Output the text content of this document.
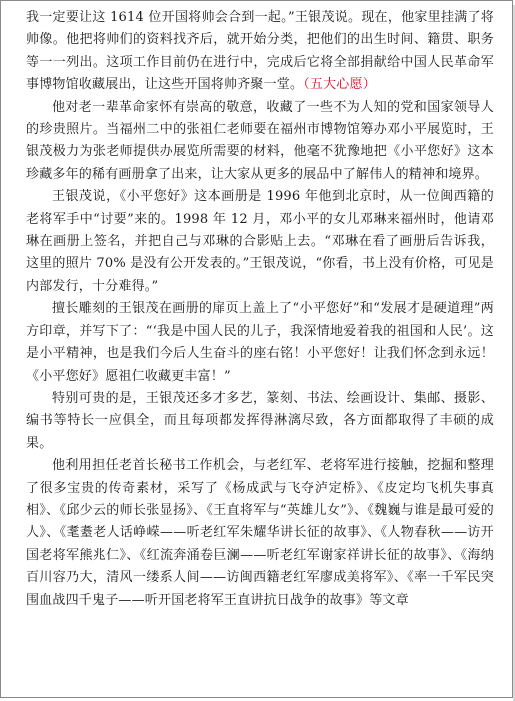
我一定要让这 1614 位开国将帅会合到一起。”王银茂说。现在，他家里挂满了将帅像。他把将帅们的资料找齐后，就开始分类，把他们的出生时间、籍贯、职务等一一列出。这项工作目前仍在进行中，完成后它将全部捐献给中国人民革命军事博物馆收藏展出，让这些开国将帅齐聚一堂。（五大心愿）

他对老一辈革命家怀有崇高的敬意，收藏了一些不为人知的党和国家领导人的珍贵照片。当福州二中的张祖仁老师要在福州市博物馆筹办邓小平展览时，王银茂极力为张老师提供办展览所需要的材料，他毫不犹豫地把《小平您好》这本珍藏多年的稀有画册拿了出来，让大家从更多的展品中了解伟人的精神和境界。

王银茂说，《小平您好》这本画册是 1996 年他到北京时，从一位闽西籍的老将军手中“讨要”来的。1998 年 12 月，邓小平的女儿邓琳来福州时，他请邓琳在画册上签名，并把自己与邓琳的合影贴上去。“邓琳在看了画册后告诉我，这里的照片 70% 是没有公开发表的。”王银茂说，“你看，书上没有价格，可见是内部发行，十分难得。”

擅长雕刻的王银茂在画册的扉页上盖上了“小平您好”和“发展才是硬道理”两方印章，并写下了：“‘我是中国人民的儿子，我深情地爱着我的祖国和人民’。这是小平精神，也是我们今后人生奋斗的座右铭！小平您好！让我们怀念到永远！《小平您好》愿祖仁收藏更丰富！”

特别可贵的是，王银茂还多才多艺，篆刻、书法、绘画设计、集邮、摄影、编书等特长一应俱全，而且每项都发挥得淋漓尽致，各方面都取得了丰硕的成果。

他利用担任老首长秘书工作机会，与老红军、老将军进行接触，挖掘和整理了很多宝贵的传奇素材，采写了《杨成武与飞夺泸定桥》、《皮定均飞机失事真相》、《邱少云的师长张显扬》、《王直将军与“英雄儿女”》、《魏巍与谁是最可爱的人》、《耄耋老人话峥嵘——听老红军朱耀华讲长征的故事》、《人物春秋——访开国老将军熊兆仁》、《红流奔涌卷巨澜——听老红军谢家祥讲长征的故事》、《海纳百川容乃大，清风一缕系人间——访闽西籍老红军廖成美将军》、《率一千军民突围血战四千鬼子——听开国老将军王直讲抗日战争的故事》等文章
